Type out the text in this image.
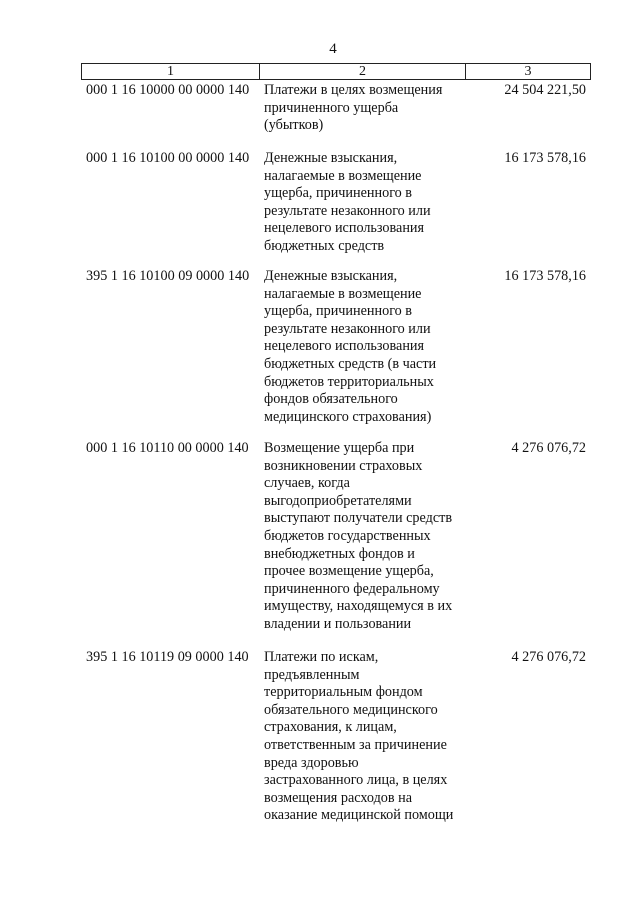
4
1	2	3
000 1 16 10000 00 0000 140 Платежи в целях возмещения
причиненного ущерба
(убытков)
24 504 221,50
000 1 16 10100 00 0000 140 Денежные взыскания,
налагаемые в возмещение
ущерба, причиненного в
результате незаконного или
нецелевого использования
бюджетных средств
16 173 578,16
395 1 16 10100 09 0000 140 Денежные взыскания,
налагаемые в возмещение
ущерба, причиненного в
результате незаконного или
нецелевого использования
бюджетных средств (в части
бюджетов территориальных
фондов обязательного
медицинского страхования)
16 173 578,16
000 1 16 10110 00 0000 140 Возмещение ущерба при
возникновении страховых
случаев, когда
выгодоприобретателями
выступают получатели средств
бюджетов государственных
внебюджетных фондов и
прочее возмещение ущерба,
причиненного федеральному
имуществу, находящемуся в их
владении и пользовании
4 276 076,72
395 1 16 10119 09 0000 140 Платежи по искам,
предъявленным
территориальным фондом
обязательного медицинского
страхования, к лицам,
ответственным за причинение
вреда здоровью
застрахованного лица, в целях
возмещения расходов на
оказание медицинской помощи
4 276 076,72
